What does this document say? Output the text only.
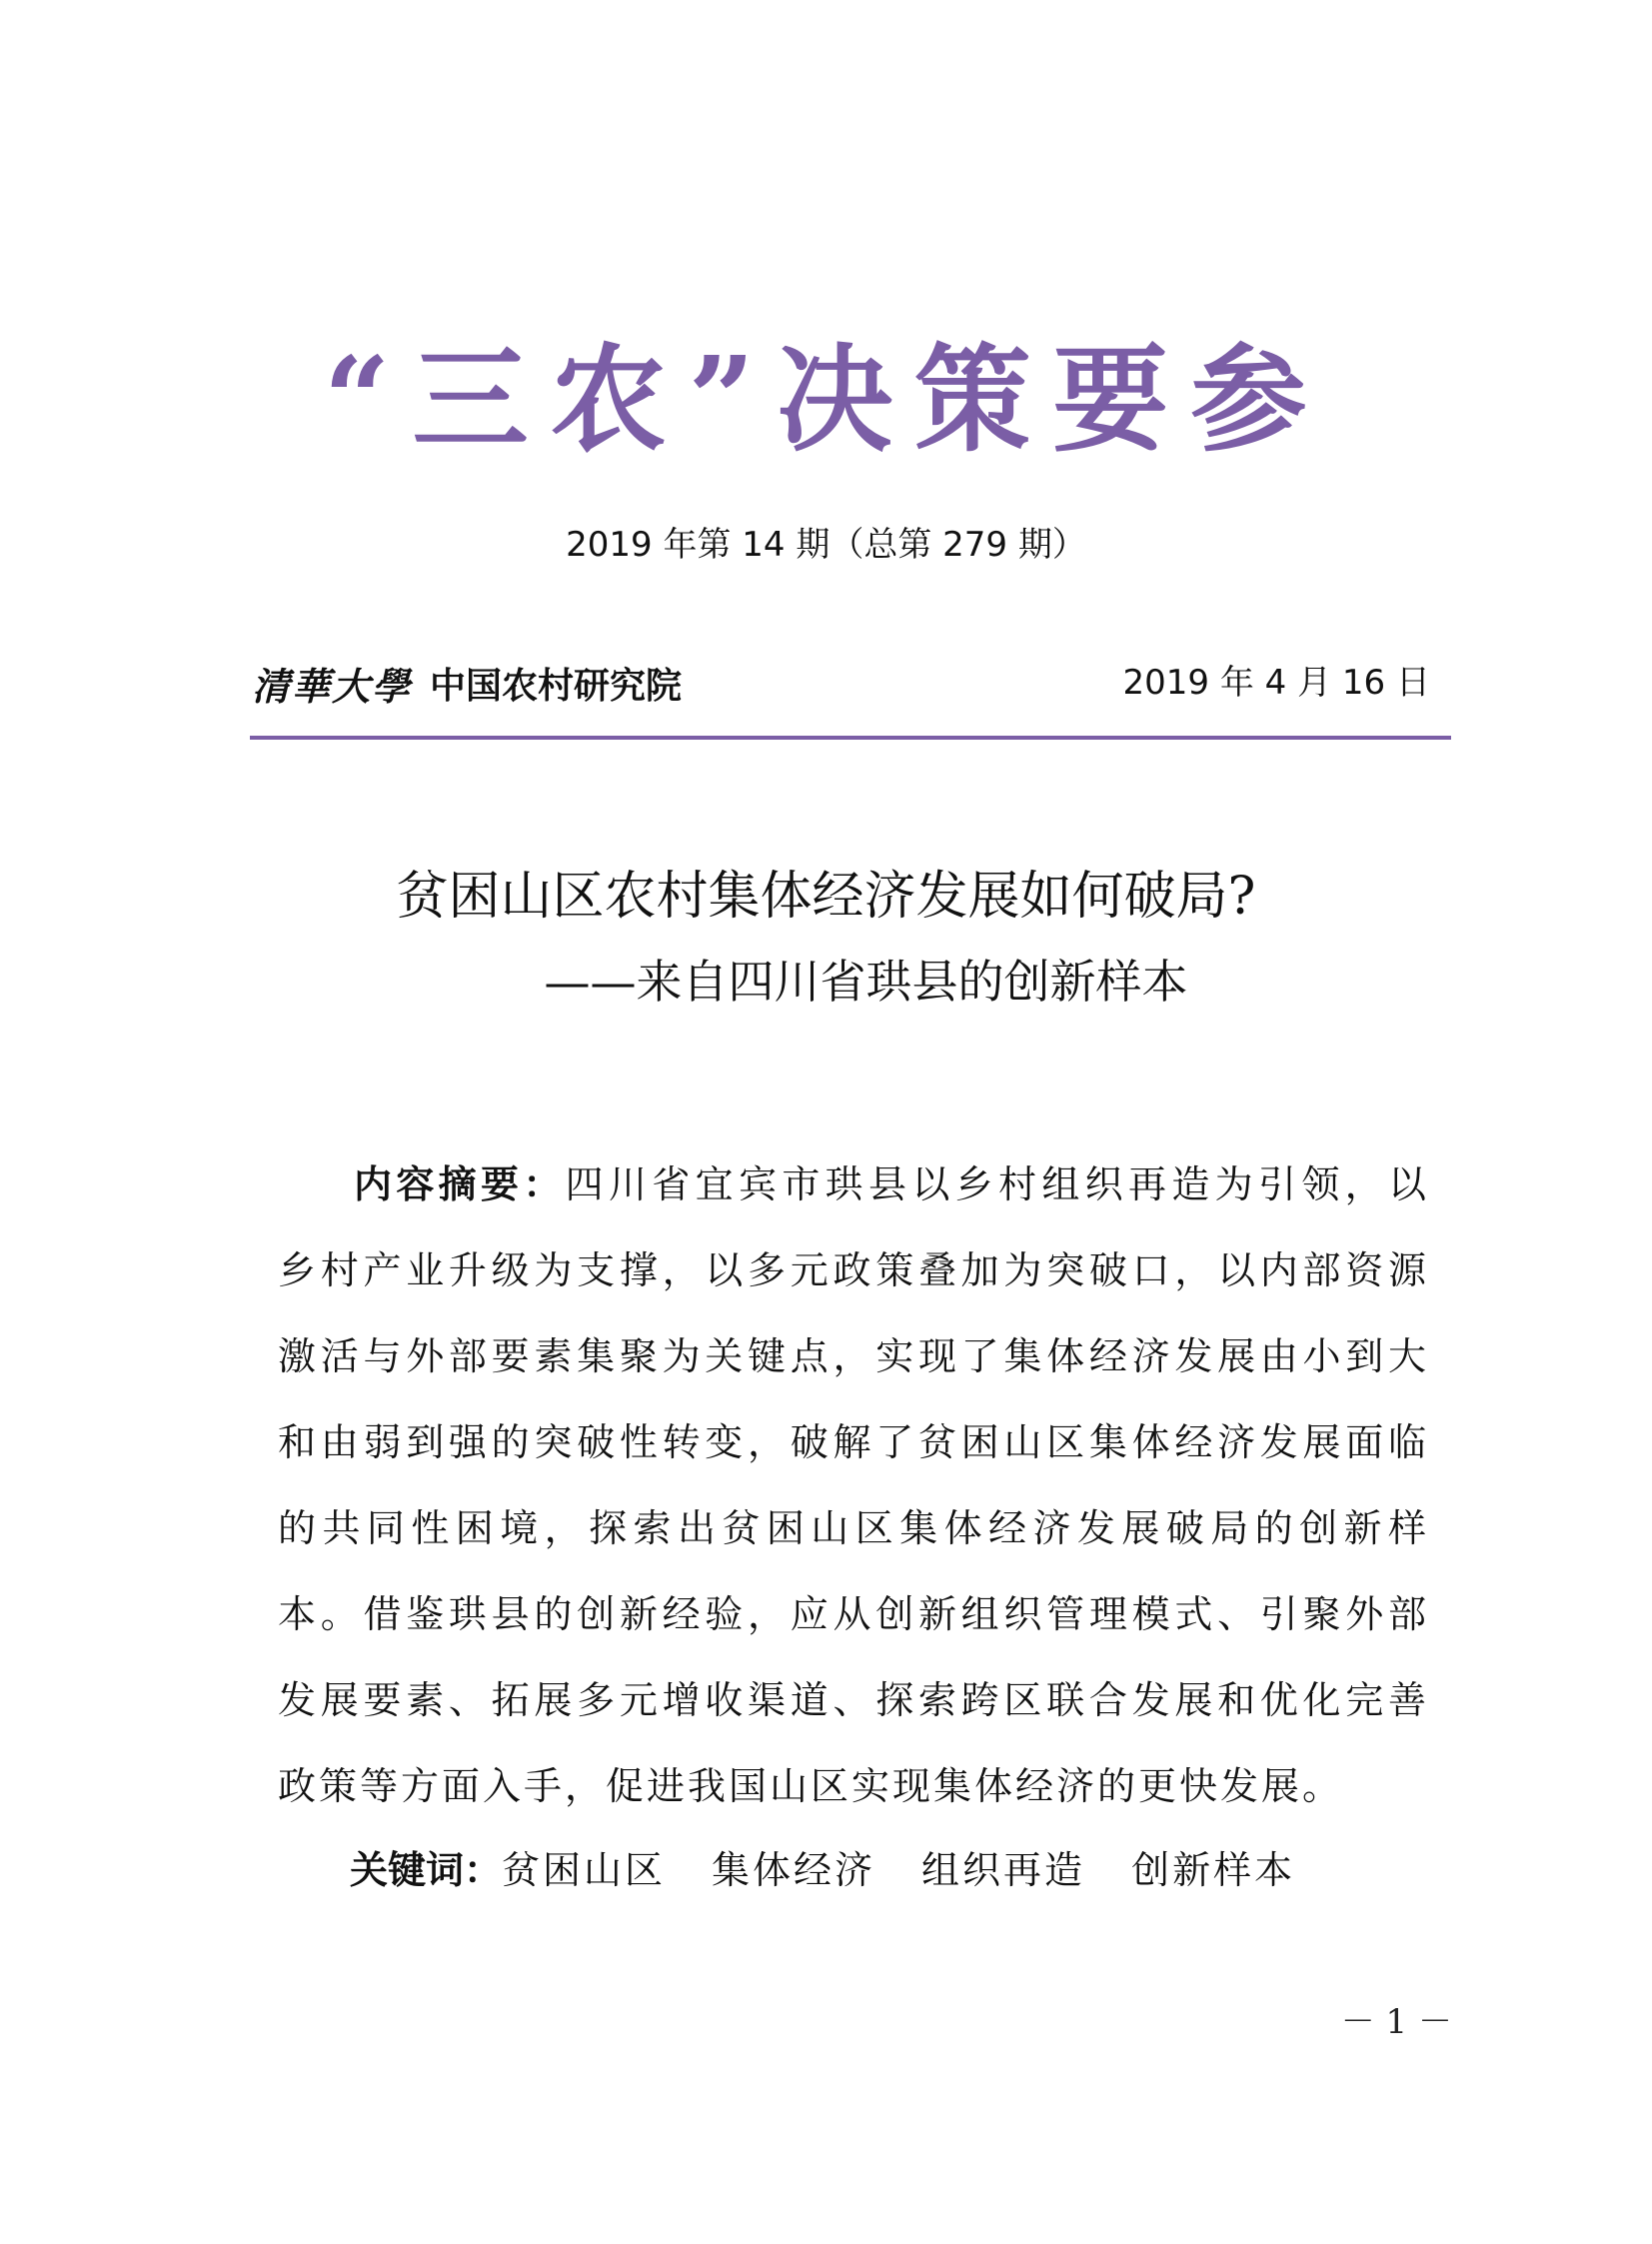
“三农”决策要参
2019 年第 14 期（总第 279 期）
清華大學 中国农村研究院	2019 年 4 月 16 日
贫困山区农村集体经济发展如何破局?
——来自四川省珙县的创新样本
内容摘要：四川省宜宾市珙县以乡村组织再造为引领，以
乡村产业升级为支撑，以多元政策叠加为突破口，以内部资源
激活与外部要素集聚为关键点，实现了集体经济发展由小到大
和由弱到强的突破性转变，破解了贫困山区集体经济发展面临
的共同性困境，探索出贫困山区集体经济发展破局的创新样
本。借鉴珙县的创新经验，应从创新组织管理模式、引聚外部
发展要素、拓展多元增收渠道、探索跨区联合发展和优化完善
政策等方面入手，促进我国山区实现集体经济的更快发展。
关键词：贫困山区 集体经济 组织再造 创新样本
－ 1 －
